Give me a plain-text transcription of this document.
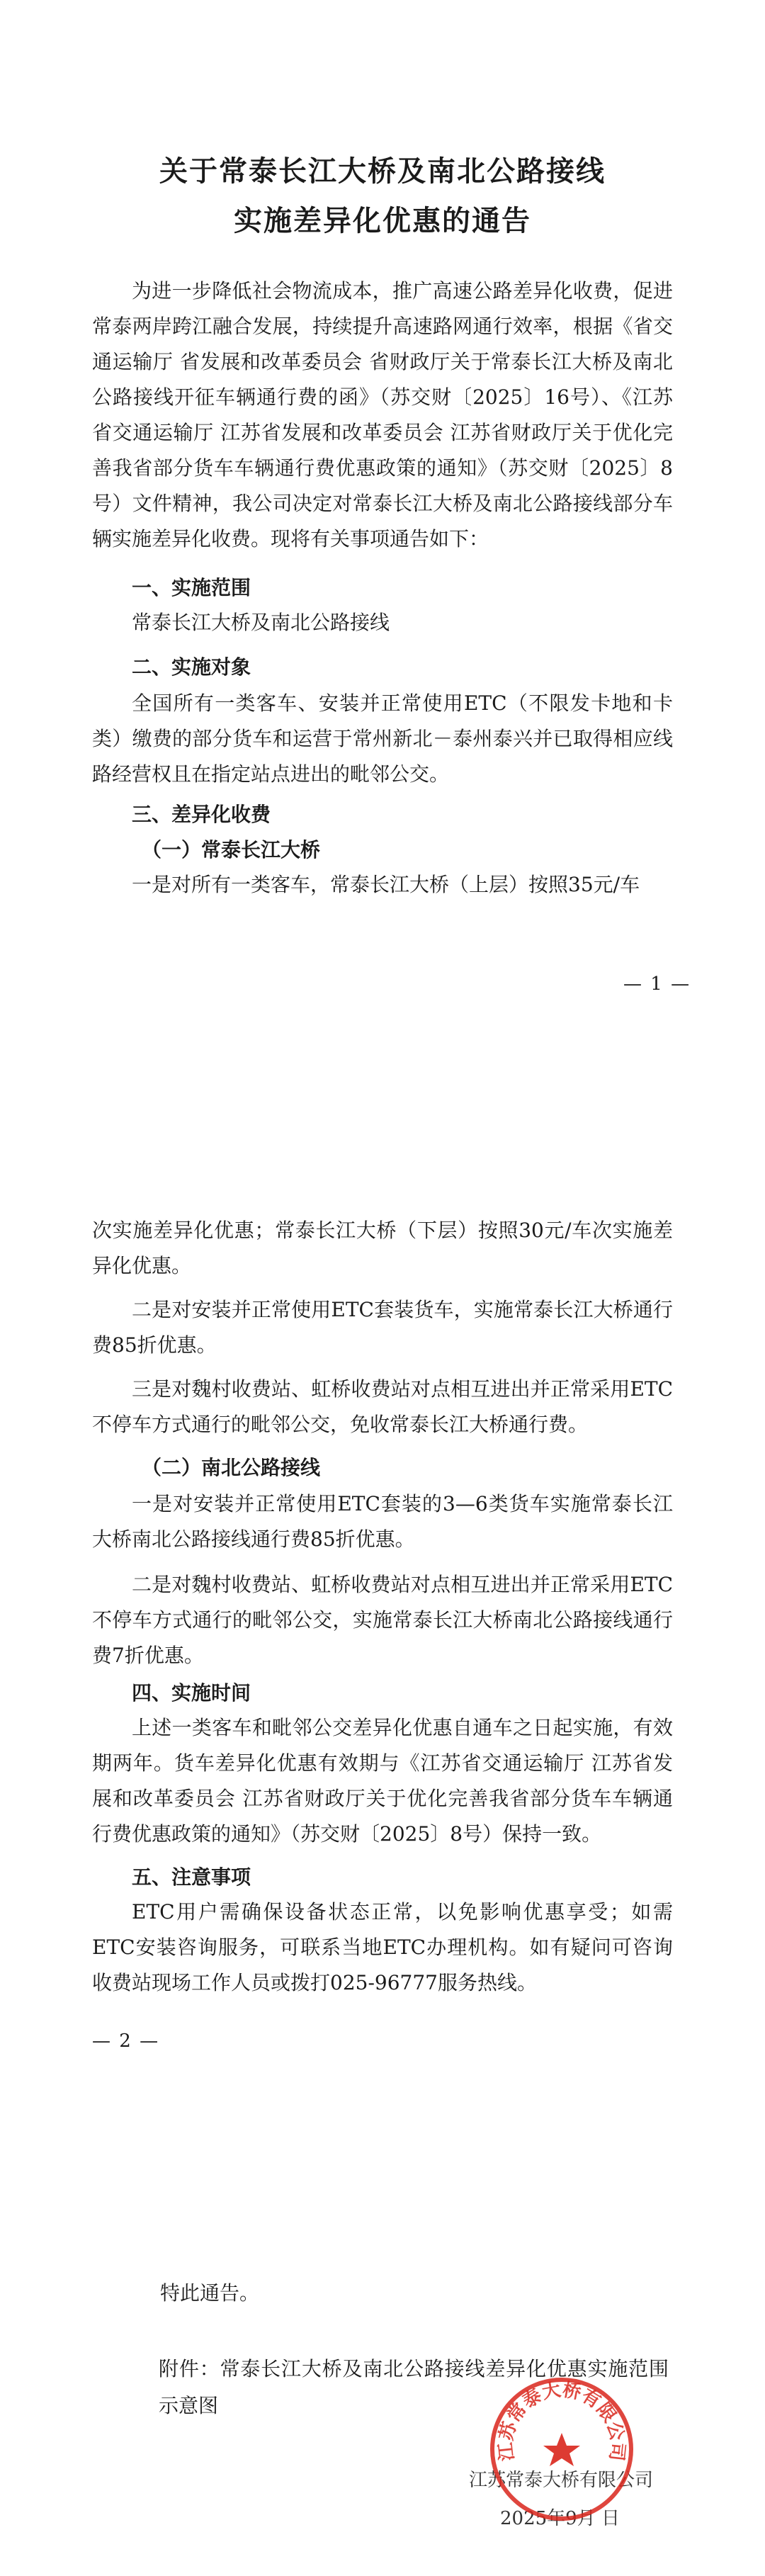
关于常泰长江大桥及南北公路接线
实施差异化优惠的通告
为进一步降低社会物流成本，推广高速公路差异化收费，促进常泰两岸跨江融合发展，持续提升高速路网通行效率，根据《省交通运输厅 省发展和改革委员会 省财政厅关于常泰长江大桥及南北公路接线开征车辆通行费的函》（苏交财〔2025〕16号）、《江苏省交通运输厅 江苏省发展和改革委员会 江苏省财政厅关于优化完善我省部分货车车辆通行费优惠政策的通知》（苏交财〔2025〕8号）文件精神，我公司决定对常泰长江大桥及南北公路接线部分车辆实施差异化收费。现将有关事项通告如下：
一、实施范围
常泰长江大桥及南北公路接线
二、实施对象
全国所有一类客车、安装并正常使用ETC（不限发卡地和卡类）缴费的部分货车和运营于常州新北－泰州泰兴并已取得相应线路经营权且在指定站点进出的毗邻公交。
三、差异化收费
（一）常泰长江大桥
一是对所有一类客车，常泰长江大桥（上层）按照35元/车
— 1 —
次实施差异化优惠；常泰长江大桥（下层）按照30元/车次实施差异化优惠。
二是对安装并正常使用ETC套装货车，实施常泰长江大桥通行费85折优惠。
三是对魏村收费站、虹桥收费站对点相互进出并正常采用ETC不停车方式通行的毗邻公交，免收常泰长江大桥通行费。
（二）南北公路接线
一是对安装并正常使用ETC套装的3—6类货车实施常泰长江大桥南北公路接线通行费85折优惠。
二是对魏村收费站、虹桥收费站对点相互进出并正常采用ETC不停车方式通行的毗邻公交，实施常泰长江大桥南北公路接线通行费7折优惠。
四、实施时间
上述一类客车和毗邻公交差异化优惠自通车之日起实施，有效期两年。货车差异化优惠有效期与《江苏省交通运输厅 江苏省发展和改革委员会 江苏省财政厅关于优化完善我省部分货车车辆通行费优惠政策的通知》（苏交财〔2025〕8号）保持一致。
五、注意事项
ETC用户需确保设备状态正常，以免影响优惠享受；如需ETC安装咨询服务，可联系当地ETC办理机构。如有疑问可咨询收费站现场工作人员或拨打025-96777服务热线。
— 2 —
特此通告。
附件：常泰长江大桥及南北公路接线差异化优惠实施范围示意图
江苏常泰大桥有限公司
2025年9月 日
江苏常泰大桥有限公司
